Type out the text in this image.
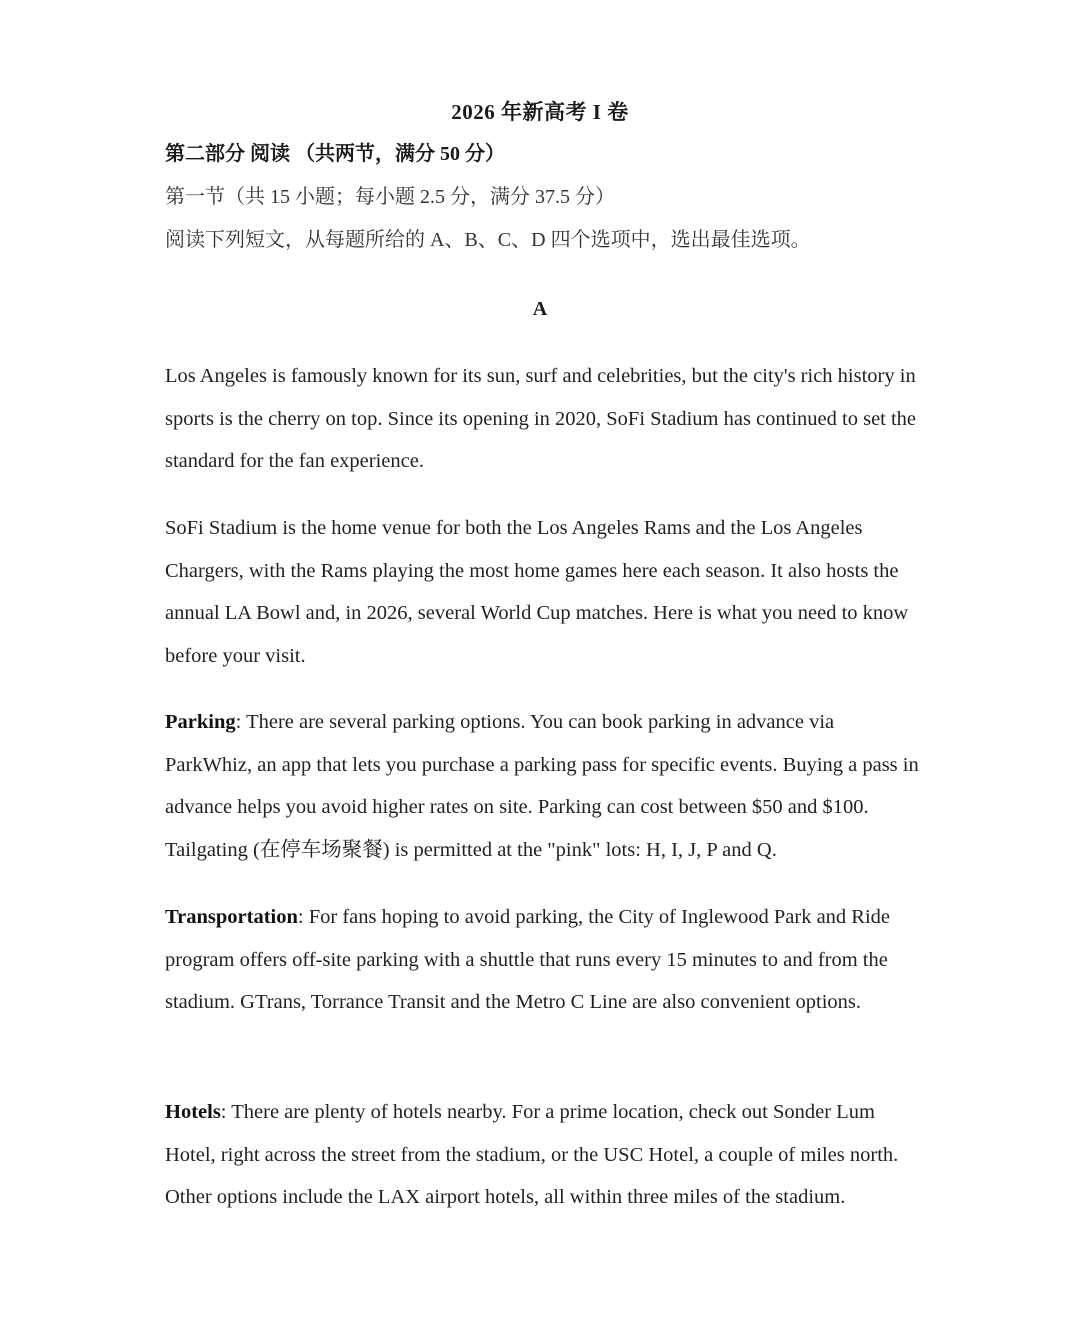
2026 年新高考 I 卷
第二部分 阅读 （共两节，满分 50 分）
第一节（共 15 小题；每小题 2.5 分，满分 37.5 分）
阅读下列短文，从每题所给的 A、B、C、D 四个选项中，选出最佳选项。
A

Los Angeles is famously known for its sun, surf and celebrities, but the city's rich history in sports is the cherry on top. Since its opening in 2020, SoFi Stadium has continued to set the standard for the fan experience.

SoFi Stadium is the home venue for both the Los Angeles Rams and the Los Angeles Chargers, with the Rams playing the most home games here each season. It also hosts the annual LA Bowl and, in 2026, several World Cup matches. Here is what you need to know before your visit.

Parking: There are several parking options. You can book parking in advance via ParkWhiz, an app that lets you purchase a parking pass for specific events. Buying a pass in advance helps you avoid higher rates on site. Parking can cost between $50 and $100. Tailgating (在停车场聚餐) is permitted at the "pink" lots: H, I, J, P and Q.

Transportation: For fans hoping to avoid parking, the City of Inglewood Park and Ride program offers off-site parking with a shuttle that runs every 15 minutes to and from the stadium. GTrans, Torrance Transit and the Metro C Line are also convenient options.

Hotels: There are plenty of hotels nearby. For a prime location, check out Sonder Lum Hotel, right across the street from the stadium, or the USC Hotel, a couple of miles north. Other options include the LAX airport hotels, all within three miles of the stadium.
